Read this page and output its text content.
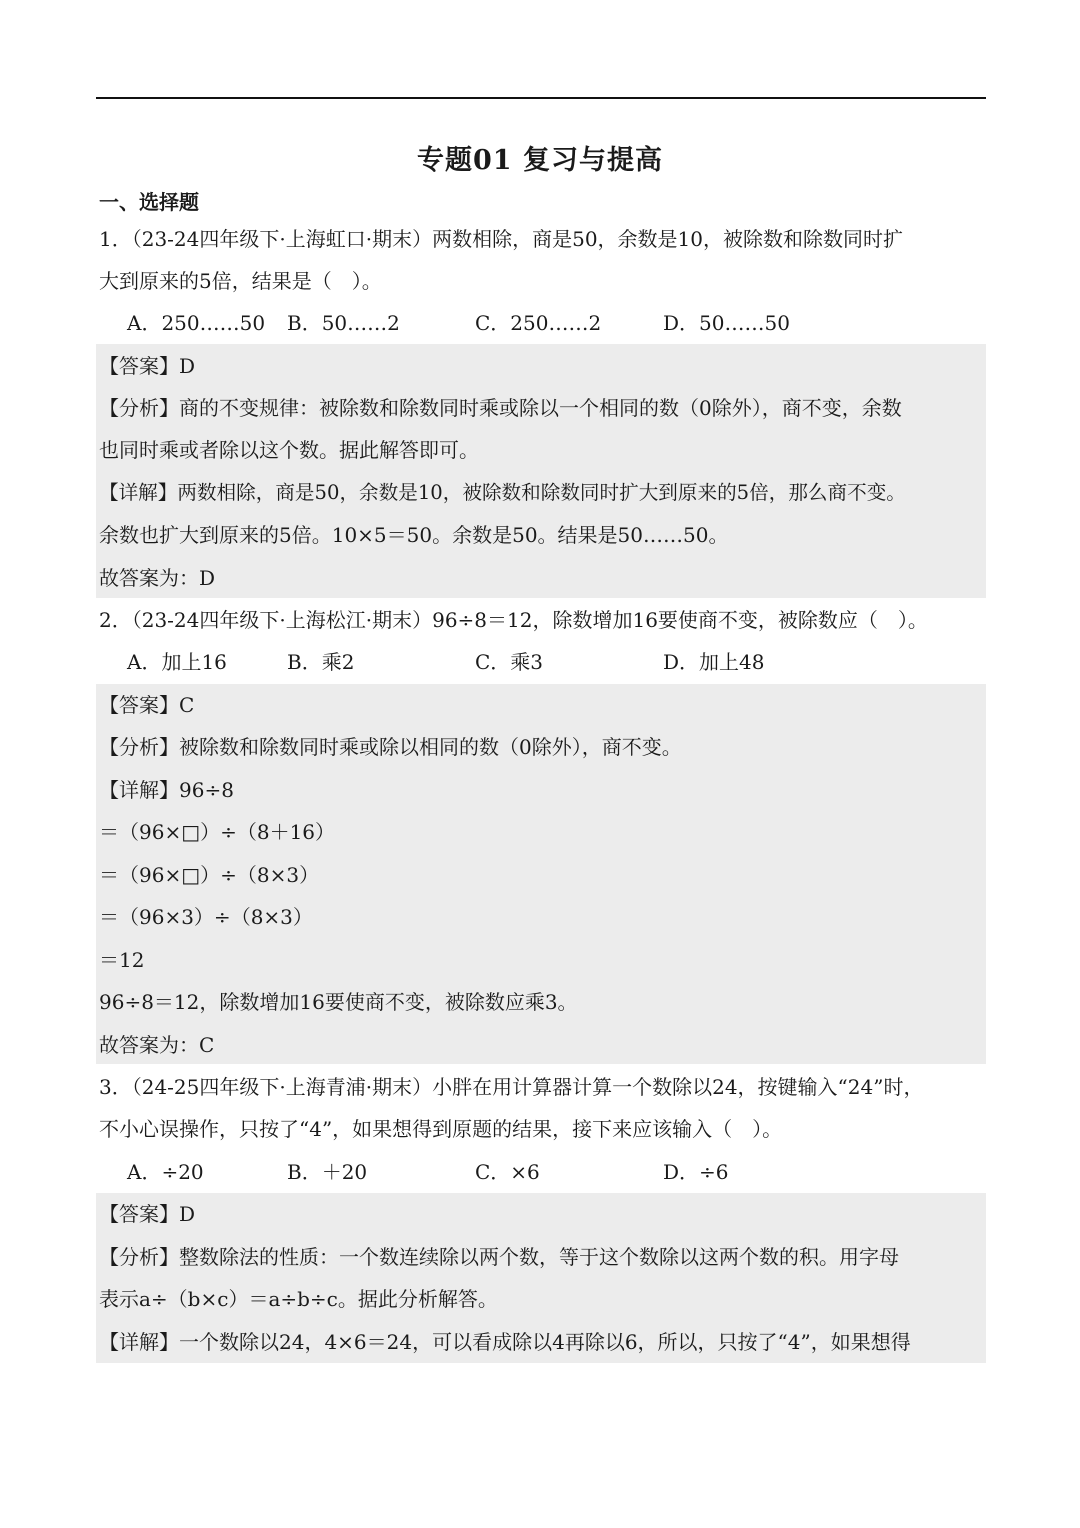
专题01 复习与提高
一、选择题
1．（23-24四年级下·上海虹口·期末）两数相除，商是50，余数是10，被除数和除数同时扩
大到原来的5倍，结果是（　）。
A．250……50 B．50……2	C．250……2	D．50……50
【答案】D
【分析】商的不变规律：被除数和除数同时乘或除以一个相同的数（0除外），商不变，余数
也同时乘或者除以这个数。据此解答即可。
【详解】两数相除，商是50，余数是10，被除数和除数同时扩大到原来的5倍，那么商不变。
余数也扩大到原来的5倍。10×5＝50。余数是50。结果是50……50。
故答案为：D
2．（23-24四年级下·上海松江·期末）96÷8＝12，除数增加16要使商不变，被除数应（　）。
A．加上16	B．乘2	C．乘3	D．加上48
【答案】C
【分析】被除数和除数同时乘或除以相同的数（0除外），商不变。
【详解】96÷8
＝（96×□）÷（8＋16）
＝（96×□）÷（8×3）
＝（96×3）÷（8×3）
＝12
96÷8＝12，除数增加16要使商不变，被除数应乘3。
故答案为：C
3．（24-25四年级下·上海青浦·期末）小胖在用计算器计算一个数除以24，按键输入“24”时，
不小心误操作，只按了“4”，如果想得到原题的结果，接下来应该输入（　）。
A．÷20	B．＋20	C．×6	D．÷6
【答案】D
【分析】整数除法的性质：一个数连续除以两个数，等于这个数除以这两个数的积。用字母
表示a÷（b×c）＝a÷b÷c。据此分析解答。
【详解】一个数除以24，4×6＝24，可以看成除以4再除以6，所以，只按了“4”，如果想得
